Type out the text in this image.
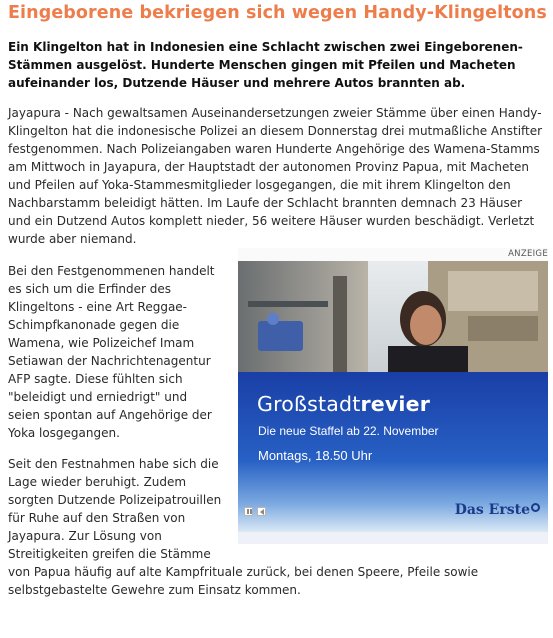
Eingeborene bekriegen sich wegen Handy-Klingeltons

Ein Klingelton hat in Indonesien eine Schlacht zwischen zwei Eingeborenen-Stämmen ausgelöst. Hunderte Menschen gingen mit Pfeilen und Macheten aufeinander los, Dutzende Häuser und mehrere Autos brannten ab.

Jayapura - Nach gewaltsamen Auseinandersetzungen zweier Stämme über einen Handy-Klingelton hat die indonesische Polizei an diesem Donnerstag drei mutmaßliche Anstifter festgenommen. Nach Polizeiangaben waren Hunderte Angehörige des Wamena-Stamms am Mittwoch in Jayapura, der Hauptstadt der autonomen Provinz Papua, mit Macheten und Pfeilen auf Yoka-Stammesmitglieder losgegangen, die mit ihrem Klingelton den Nachbarstamm beleidigt hätten. Im Laufe der Schlacht brannten demnach 23 Häuser und ein Dutzend Autos komplett nieder, 56 weitere Häuser wurden beschädigt. Verletzt wurde aber niemand.

ANZEIGE
Großstadtrevier
Die neue Staffel ab 22. November
Montags, 18.50 Uhr
Das Erste

Bei den Festgenommenen handelt es sich um die Erfinder des Klingeltons - eine Art Reggae-Schimpfkanonade gegen die Wamena, wie Polizeichef Imam Setiawan der Nachrichtenagentur AFP sagte. Diese fühlten sich "beleidigt und erniedrigt" und seien spontan auf Angehörige der Yoka losgegangen.

Seit den Festnahmen habe sich die Lage wieder beruhigt. Zudem sorgten Dutzende Polizeipatrouillen für Ruhe auf den Straßen von Jayapura. Zur Lösung von Streitigkeiten greifen die Stämme von Papua häufig auf alte Kampfrituale zurück, bei denen Speere, Pfeile sowie selbstgebastelte Gewehre zum Einsatz kommen.
